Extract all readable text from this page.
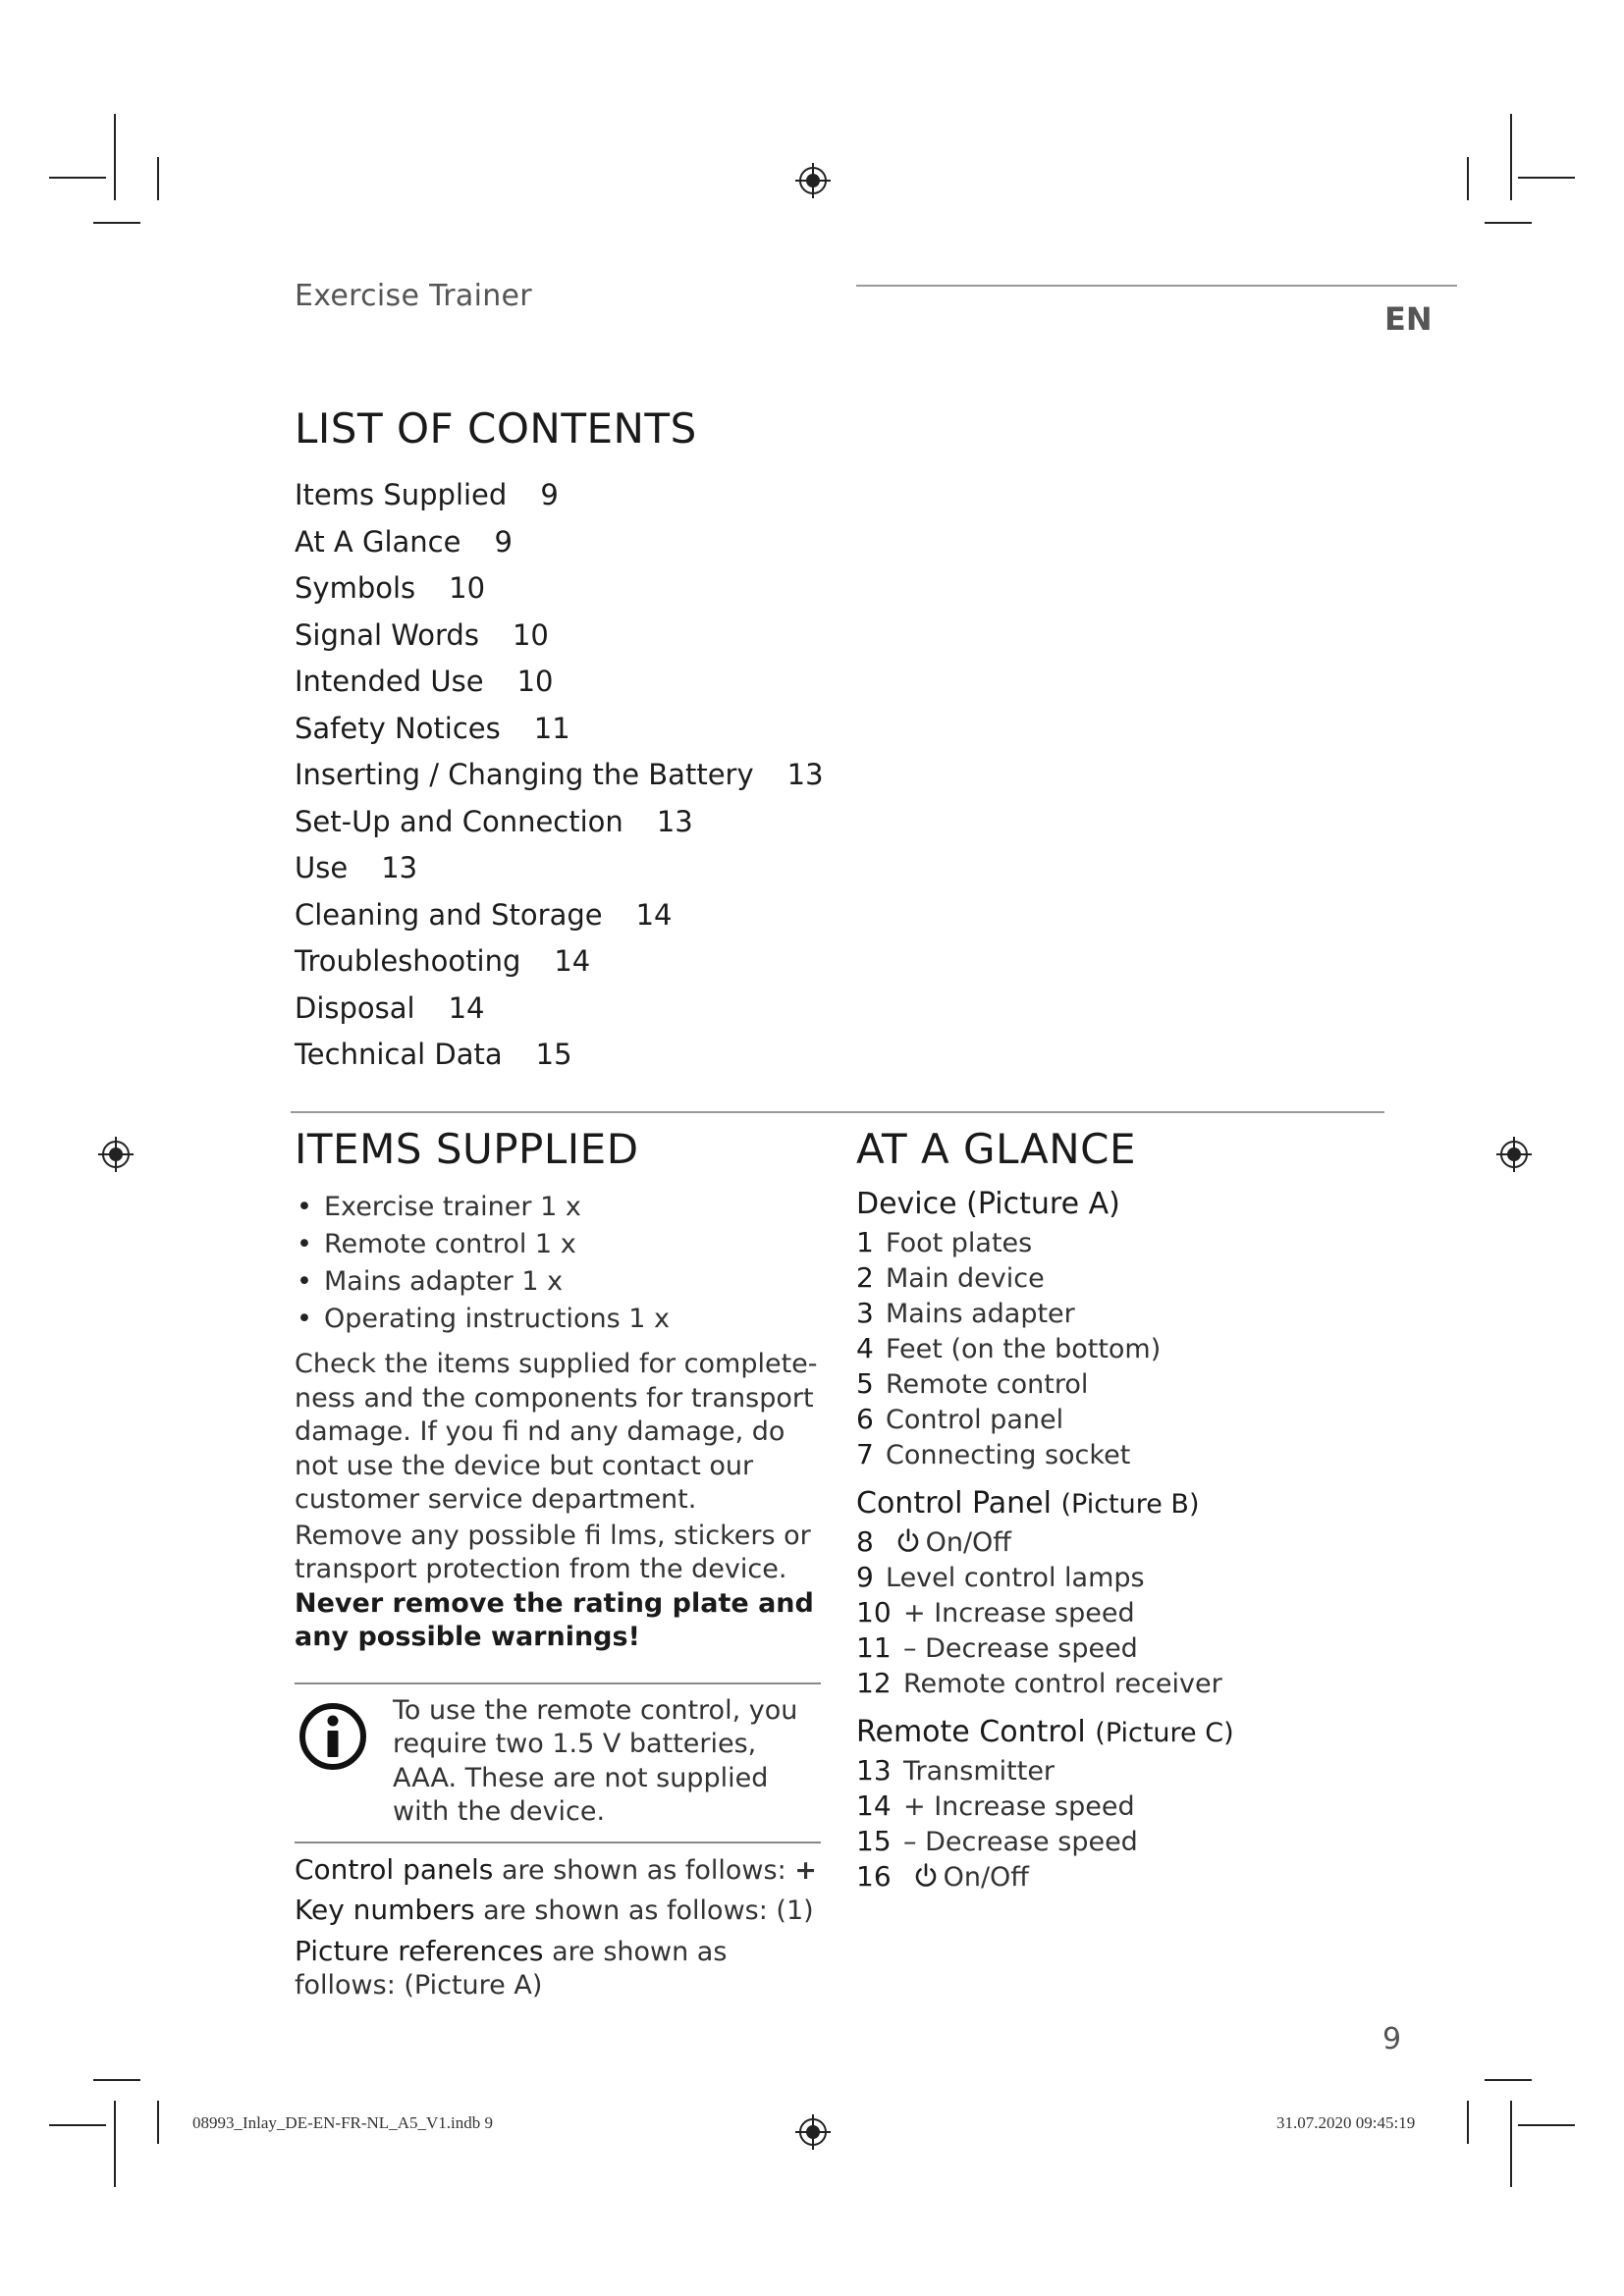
Exercise Trainer
EN
LIST OF CONTENTS
Items Supplied 9
At A Glance 9
Symbols 10
Signal Words 10
Intended Use 10
Safety Notices 11
Inserting / Changing the Battery 13
Set-Up and Connection 13
Use 13
Cleaning and Storage 14
Troubleshooting 14
Disposal 14
Technical Data 15
ITEMS SUPPLIED
• Exercise trainer 1 x
• Remote control 1 x
• Mains adapter 1 x
• Operating instructions 1 x

Check the items supplied for complete-ness and the components for transport damage. If you fi nd any damage, do not use the device but contact our customer service department.

Remove any possible fi lms, stickers or transport protection from the device.

Never remove the rating plate and any possible warnings!

To use the remote control, you require two 1.5 V batteries, AAA. These are not supplied with the device.

Control panels are shown as follows: +

Key numbers are shown as follows: (1)

Picture references are shown as follows: (Picture A)

AT A GLANCE
Device (Picture A)
1 Foot plates
2 Main device
3 Mains adapter
4 Feet (on the bottom)
5 Remote control
6 Control panel
7 Connecting socket
Control Panel (Picture B)
8 On/Off
9 Level control lamps
10 + Increase speed
11 – Decrease speed
12 Remote control receiver
Remote Control (Picture C)
13 Transmitter
14 + Increase speed
15 – Decrease speed
16 On/Off
9
08993_Inlay_DE-EN-FR-NL_A5_V1.indb 9	31.07.2020 09:45:19
